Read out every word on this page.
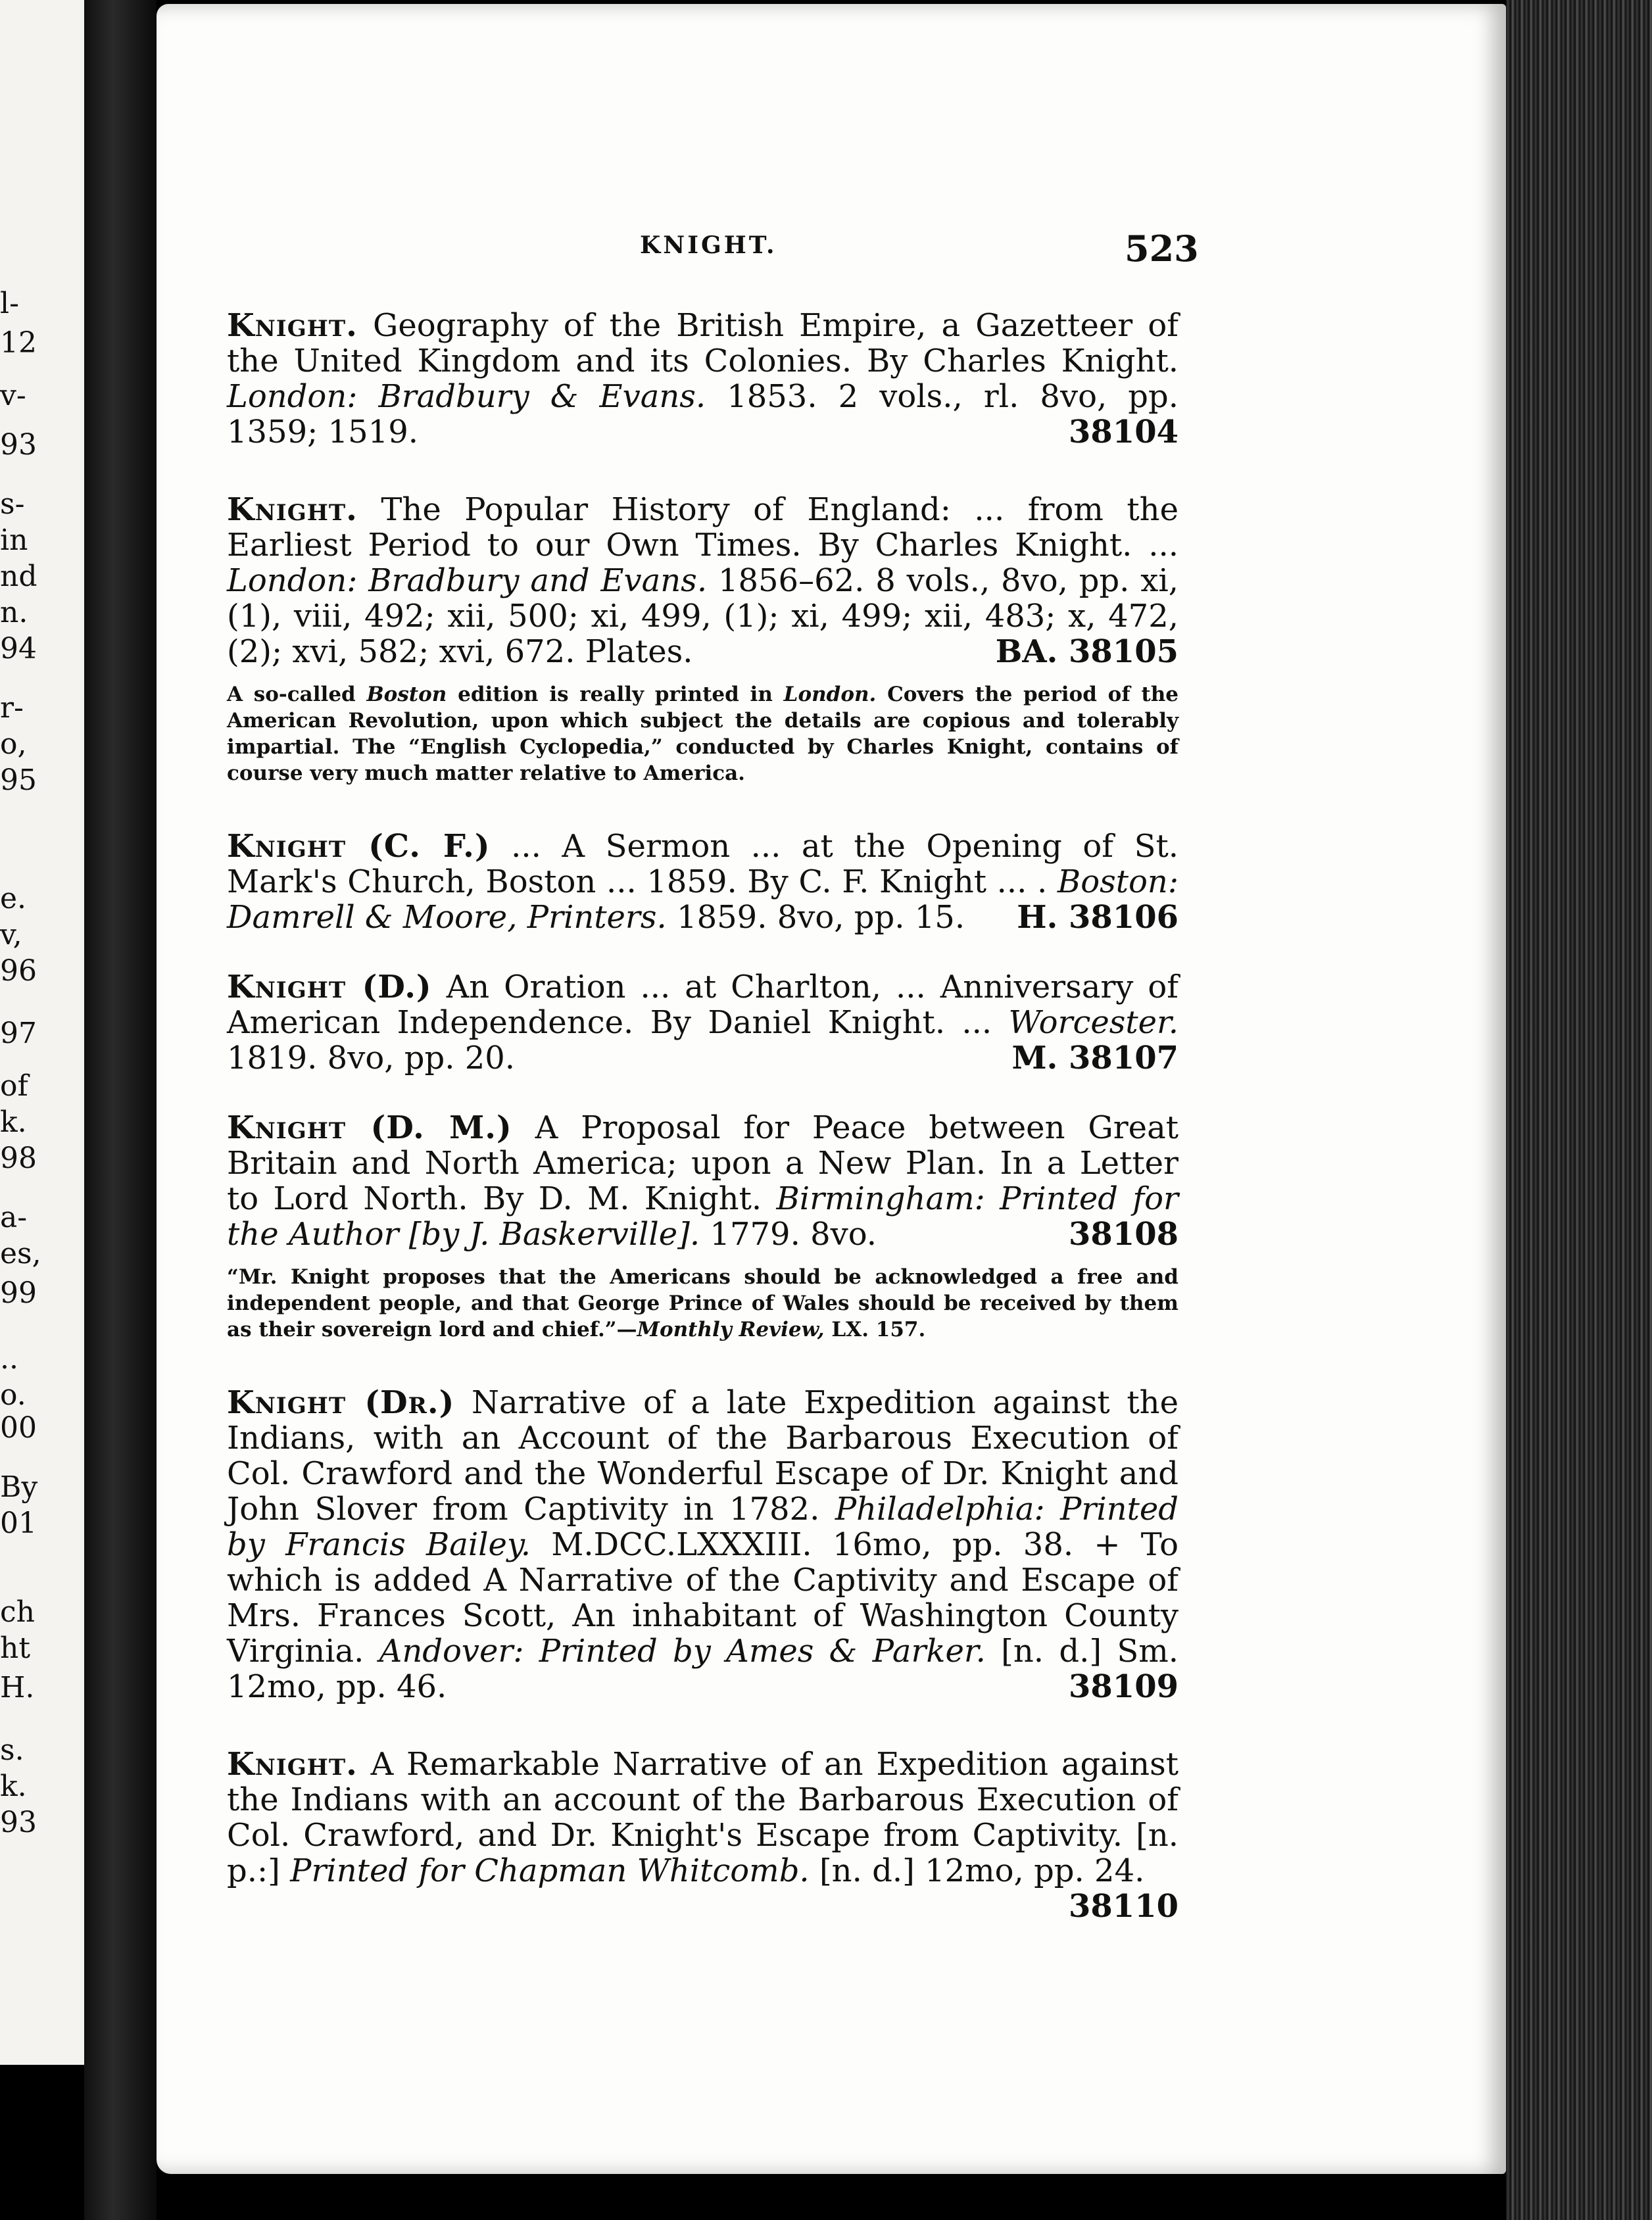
l-
12
v-
93
s-
in
nd
n.
94
r-
o,
95
e.
v,
96
97
of
k.
98
a-
es,
99
..
o.
00
By
01
ch
ht
H.
s.
k.
93
KNIGHT.	523

Knight. Geography of the British Empire, a Gazetteer of the United Kingdom and its Colonies. By Charles Knight. London: Bradbury & Evans. 1853. 2 vols., rl. 8vo, pp. 1359; 1519.	38104

Knight. The Popular History of England: ... from the Earliest Period to our Own Times. By Charles Knight. ... London: Bradbury and Evans. 1856–62. 8 vols., 8vo, pp. xi, (1), viii, 492; xii, 500; xi, 499, (1); xi, 499; xii, 483; x, 472, (2); xvi, 582; xvi, 672. Plates.	BA. 38105

A so-called Boston edition is really printed in London. Covers the period of the American Revolution, upon which subject the details are copious and tolerably impartial. The “English Cyclopedia,” conducted by Charles Knight, contains of course very much matter relative to America.

Knight (C. F.) ... A Sermon ... at the Opening of St. Mark's Church, Boston ... 1859. By C. F. Knight ... . Boston: Damrell & Moore, Printers. 1859. 8vo, pp. 15. H. 38106

Knight (D.) An Oration ... at Charlton, ... Anniversary of American Independence. By Daniel Knight. ... Worcester. 1819. 8vo, pp. 20.	M. 38107

Knight (D. M.) A Proposal for Peace between Great Britain and North America; upon a New Plan. In a Letter to Lord North. By D. M. Knight. Birmingham: Printed for the Author [by J. Baskerville]. 1779. 8vo.	38108

“Mr. Knight proposes that the Americans should be acknowledged a free and independent people, and that George Prince of Wales should be received by them as their sovereign lord and chief.”—Monthly Review, LX. 157.

Knight (Dr.) Narrative of a late Expedition against the Indians, with an Account of the Barbarous Execution of Col. Crawford and the Wonderful Escape of Dr. Knight and John Slover from Captivity in 1782. Philadelphia: Printed by Francis Bailey. M.DCC.LXXXIII. 16mo, pp. 38. + To which is added A Narrative of the Captivity and Escape of Mrs. Frances Scott, An inhabitant of Washington County Virginia. Andover: Printed by Ames & Parker. [n. d.] Sm. 12mo, pp. 46.	38109

Knight. A Remarkable Narrative of an Expedition against the Indians with an account of the Barbarous Execution of Col. Crawford, and Dr. Knight's Escape from Captivity. [n. p.:] Printed for Chapman Whitcomb. [n. d.] 12mo, pp. 24.
38110
